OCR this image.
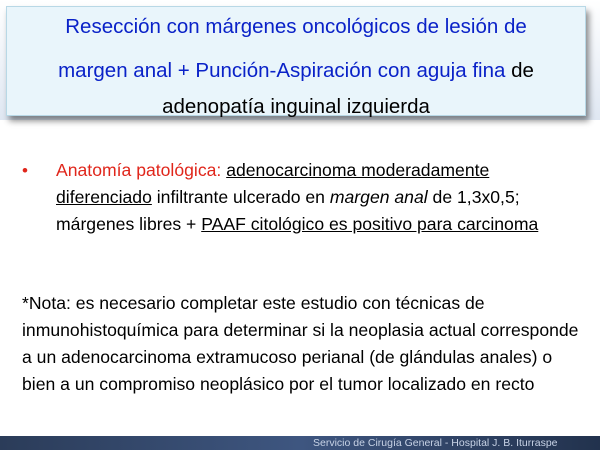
Resección con márgenes oncológicos de lesión de
margen anal + Punción-Aspiración con aguja fina de
adenopatía inguinal izquierda
• Anatomía patológica: adenocarcinoma moderadamente diferenciado infiltrante ulcerado en margen anal de 1,3x0,5; márgenes libres + PAAF citológico es positivo para carcinoma
*Nota: es necesario completar este estudio con técnicas de inmunohistoquímica para determinar si la neoplasia actual corresponde a un adenocarcinoma extramucoso perianal (de glándulas anales) o bien a un compromiso neoplásico por el tumor localizado en recto
Servicio de Cirugía General - Hospital J. B. Iturraspe
